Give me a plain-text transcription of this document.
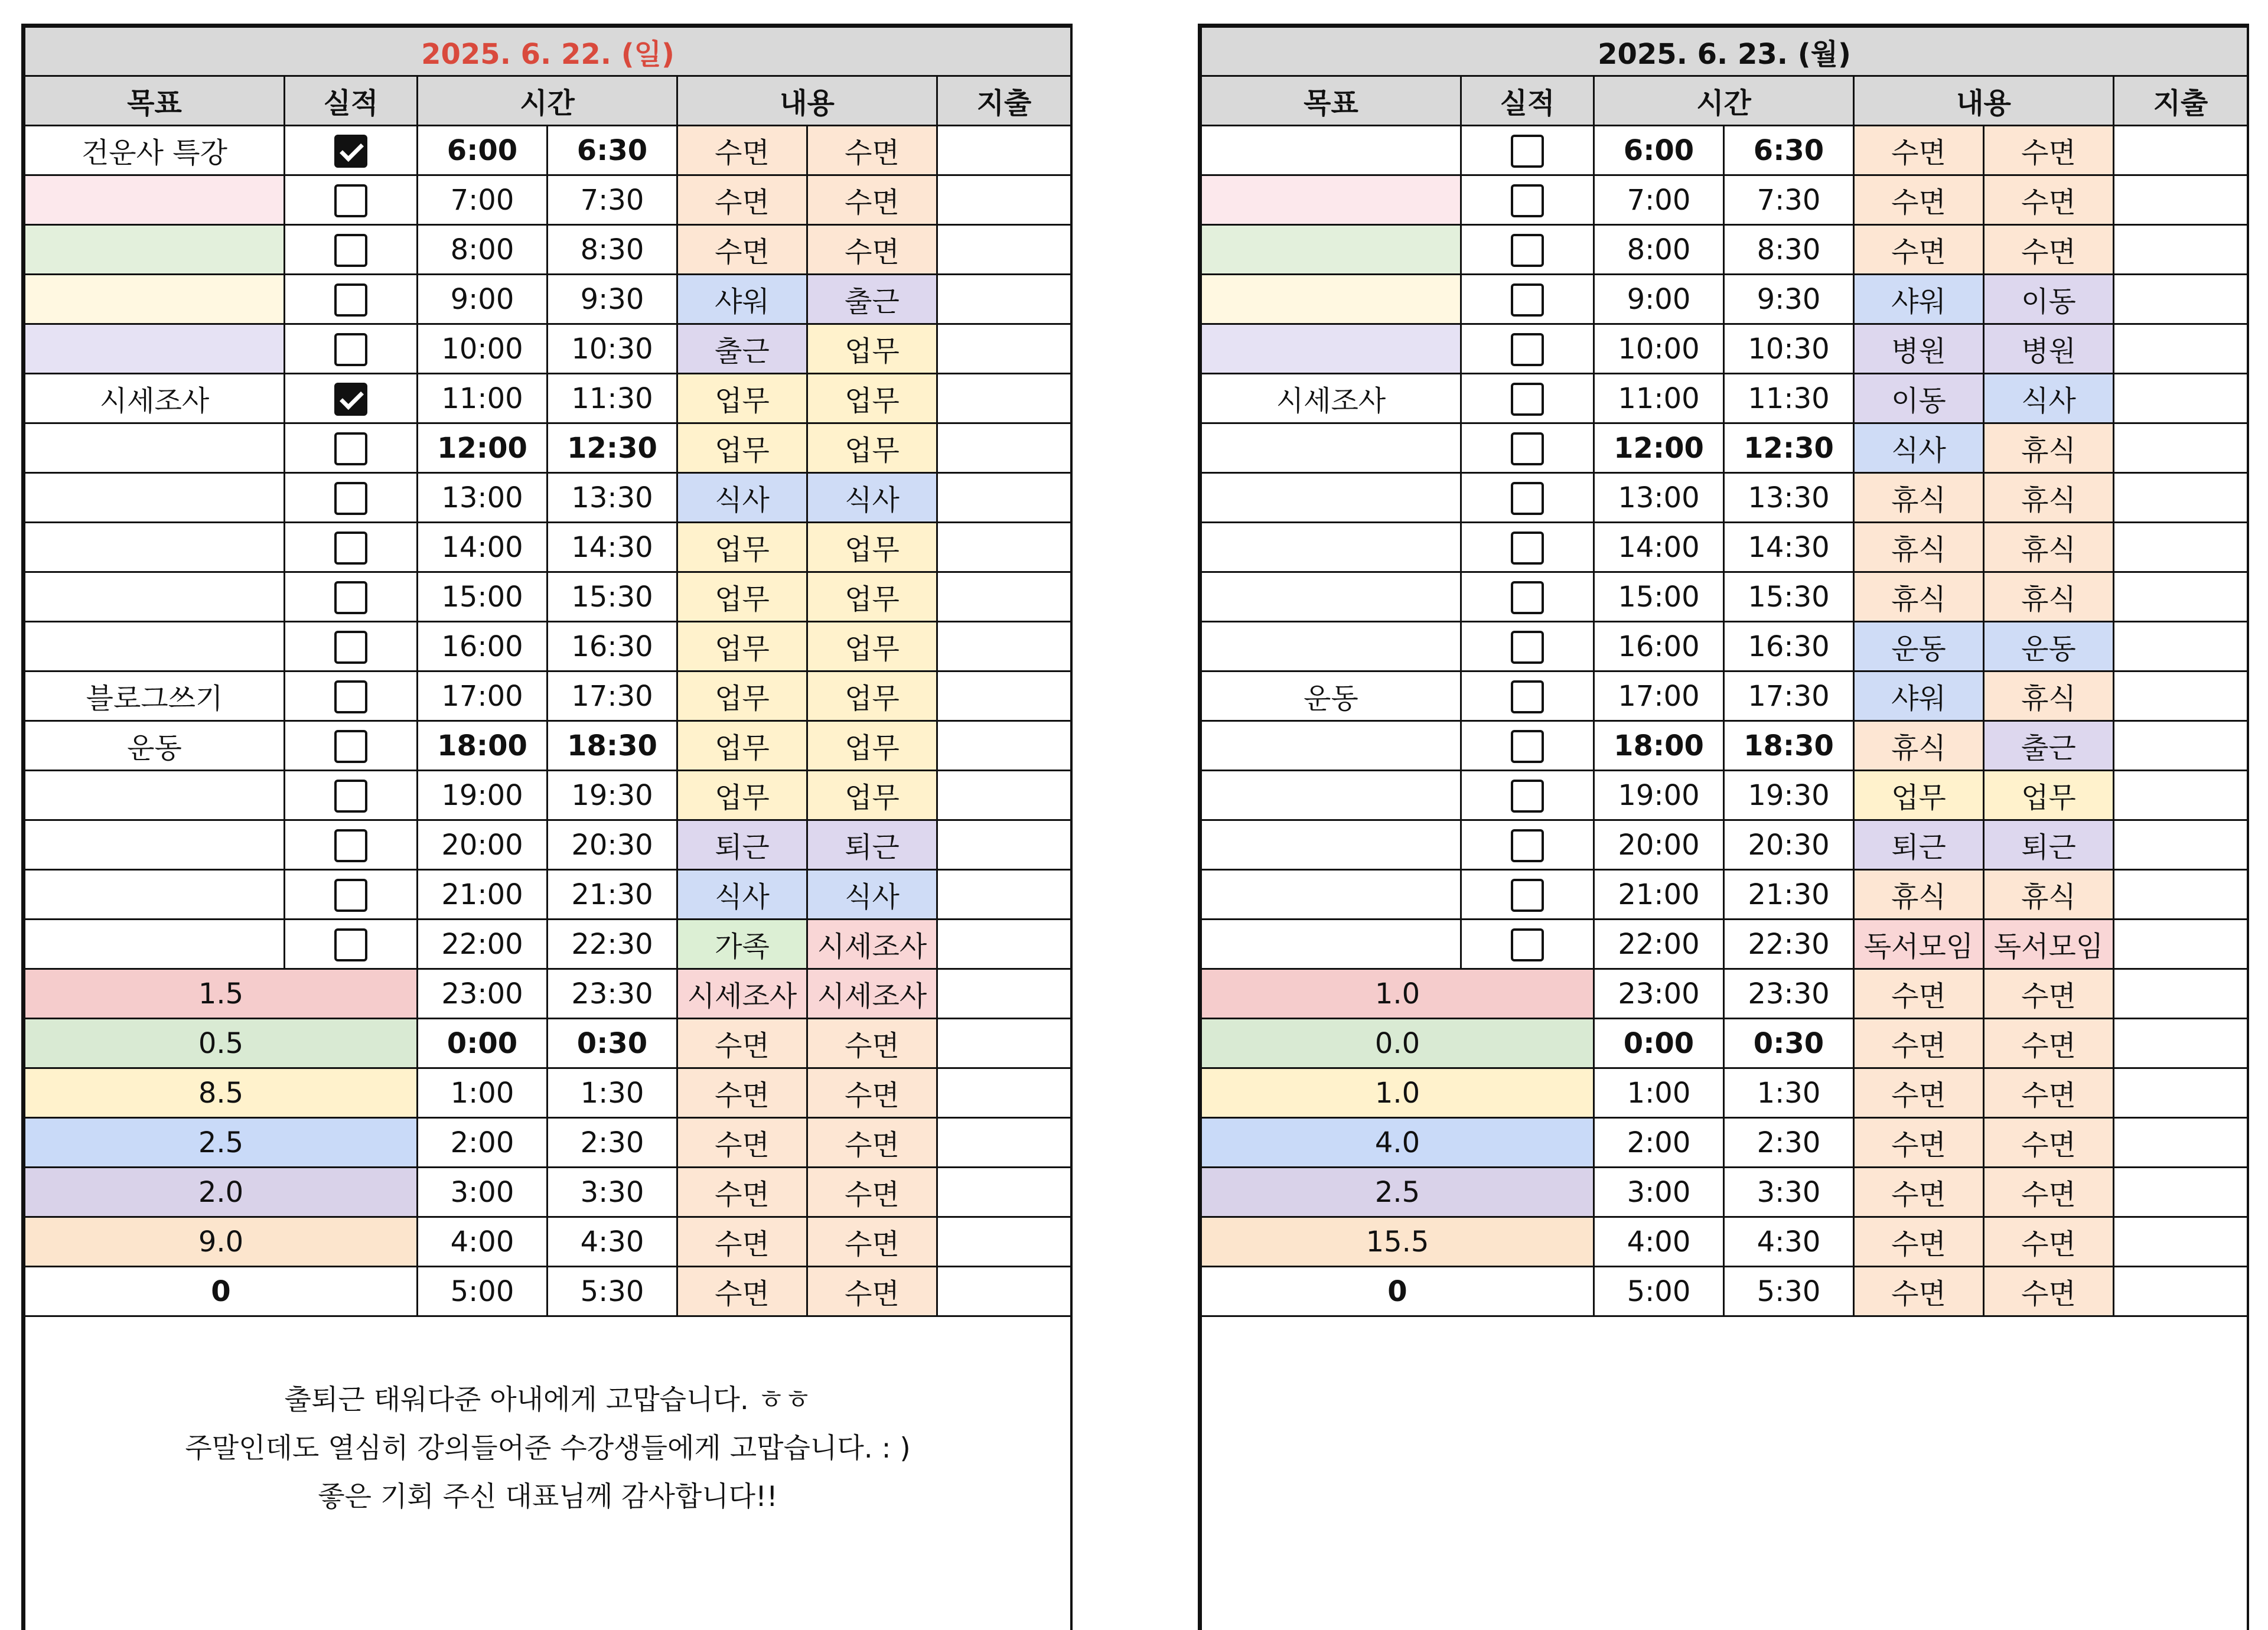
2025. 6. 22. (일)						
목표	실적	시간		내용		지출
건운사 특강		6:00	6:30	수면	수면	
		7:00	7:30	수면	수면	
		8:00	8:30	수면	수면	
		9:00	9:30	샤워	출근	
		10:00	10:30	출근	업무	
시세조사		11:00	11:30	업무	업무	
		12:00	12:30	업무	업무	
		13:00	13:30	식사	식사	
		14:00	14:30	업무	업무	
		15:00	15:30	업무	업무	
		16:00	16:30	업무	업무	
블로그쓰기		17:00	17:30	업무	업무	
운동		18:00	18:30	업무	업무	
		19:00	19:30	업무	업무	
		20:00	20:30	퇴근	퇴근	
		21:00	21:30	식사	식사	
		22:00	22:30	가족	시세조사	
1.5		23:00	23:30	시세조사	시세조사	
0.5		0:00	0:30	수면	수면	
8.5		1:00	1:30	수면	수면	
2.5		2:00	2:30	수면	수면	
2.0		3:00	3:30	수면	수면	
9.0		4:00	4:30	수면	수면	
0		5:00	5:30	수면	수면	

출퇴근 태워다준 아내에게 고맙습니다. ㅎㅎ
주말인데도 열심히 강의들어준 수강생들에게 고맙습니다. : )
좋은 기회 주신 대표님께 감사합니다!!						
2025. 6. 23. (월)						
목표	실적	시간		내용		지출
		6:00	6:30	수면	수면	
		7:00	7:30	수면	수면	
		8:00	8:30	수면	수면	
		9:00	9:30	샤워	이동	
		10:00	10:30	병원	병원	
시세조사		11:00	11:30	이동	식사	
		12:00	12:30	식사	휴식	
		13:00	13:30	휴식	휴식	
		14:00	14:30	휴식	휴식	
		15:00	15:30	휴식	휴식	
		16:00	16:30	운동	운동	
운동		17:00	17:30	샤워	휴식	
		18:00	18:30	휴식	출근	
		19:00	19:30	업무	업무	
		20:00	20:30	퇴근	퇴근	
		21:00	21:30	휴식	휴식	
		22:00	22:30	독서모임	독서모임	
1.0		23:00	23:30	수면	수면	
0.0		0:00	0:30	수면	수면	
1.0		1:00	1:30	수면	수면	
4.0		2:00	2:30	수면	수면	
2.5		3:00	3:30	수면	수면	
15.5		4:00	4:30	수면	수면	
0		5:00	5:30	수면	수면	
